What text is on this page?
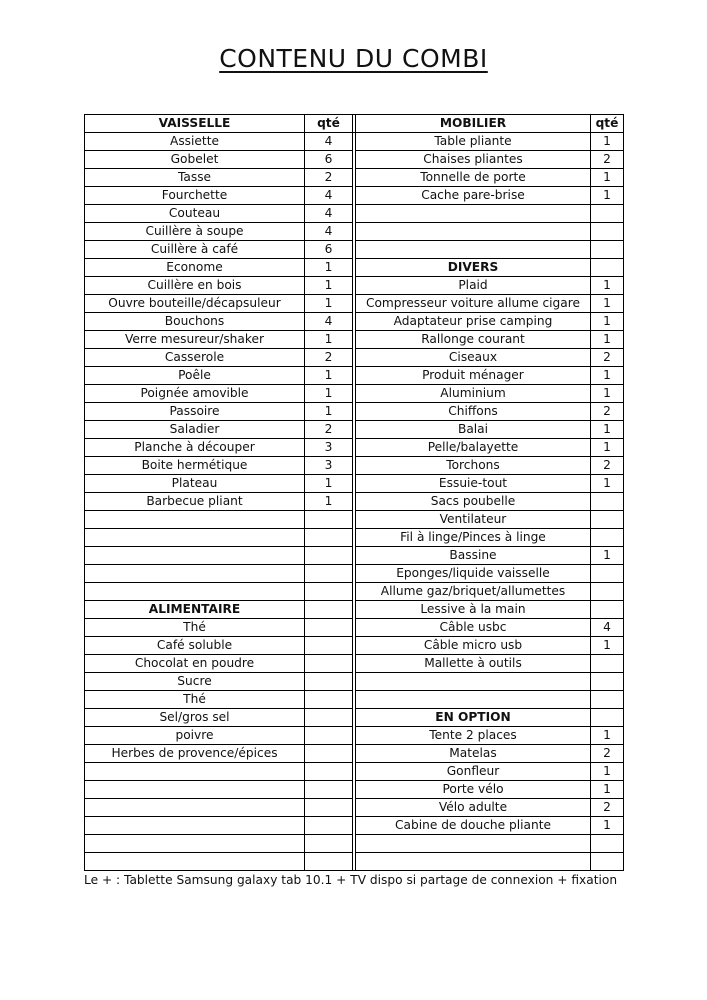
CONTENU DU COMBI
VAISSELLE	qté		MOBILIER	qté
Assiette	4		Table pliante	1
Gobelet	6		Chaises pliantes	2
Tasse	2		Tonnelle de porte	1
Fourchette	4		Cache pare-brise	1
Couteau	4			
Cuillère à soupe	4			
Cuillère à café	6			
Econome	1		DIVERS	
Cuillère en bois	1		Plaid	1
Ouvre bouteille/décapsuleur	1		Compresseur voiture allume cigare	1
Bouchons	4		Adaptateur prise camping	1
Verre mesureur/shaker	1		Rallonge courant	1
Casserole	2		Ciseaux	2
Poêle	1		Produit ménager	1
Poignée amovible	1		Aluminium	1
Passoire	1		Chiffons	2
Saladier	2		Balai	1
Planche à découper	3		Pelle/balayette	1
Boite hermétique	3		Torchons	2
Plateau	1		Essuie-tout	1
Barbecue pliant	1		Sacs poubelle	
			Ventilateur	
			Fil à linge/Pinces à linge	
			Bassine	1
			Eponges/liquide vaisselle	
			Allume gaz/briquet/allumettes	
ALIMENTAIRE			Lessive à la main	
Thé			Câble usbc	4
Café soluble			Câble micro usb	1
Chocolat en poudre			Mallette à outils	
Sucre				
Thé				
Sel/gros sel			EN OPTION	
poivre			Tente 2 places	1
Herbes de provence/épices			Matelas	2
			Gonfleur	1
			Porte vélo	1
			Vélo adulte	2
			Cabine de douche pliante	1

Le + : Tablette Samsung galaxy tab 10.1 + TV dispo si partage de connexion + fixation
